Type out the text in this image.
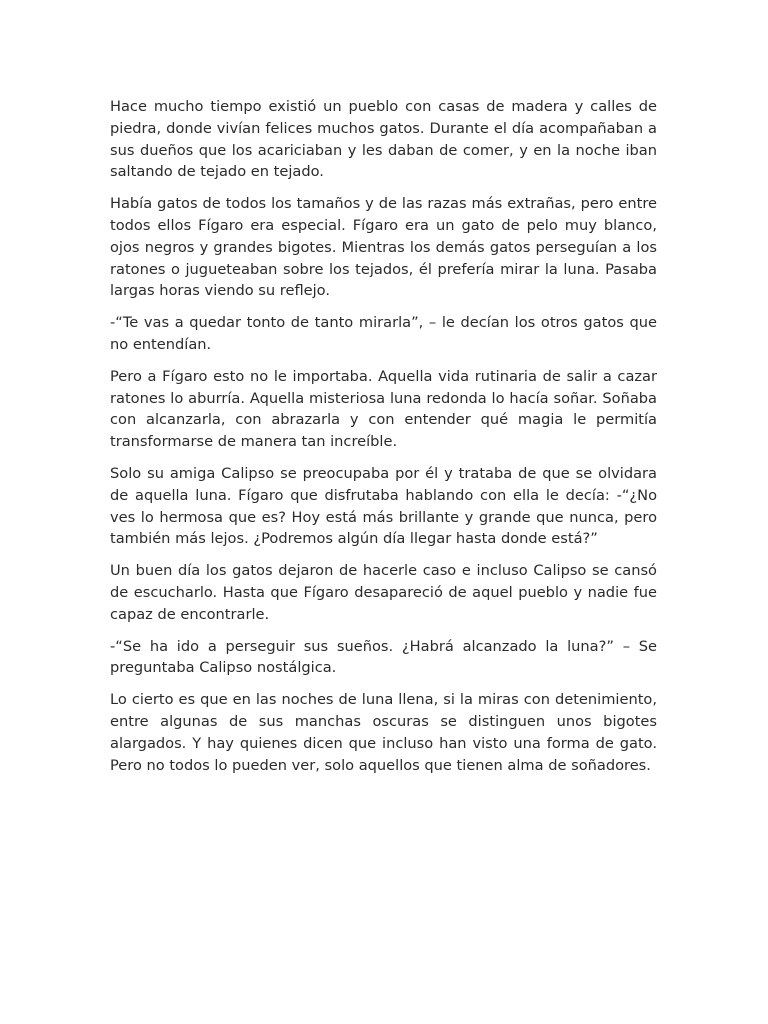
Hace mucho tiempo existió un pueblo con casas de madera y calles de piedra, donde vivían felices muchos gatos. Durante el día acompañaban a sus dueños que los acariciaban y les daban de comer, y en la noche iban saltando de tejado en tejado.

Había gatos de todos los tamaños y de las razas más extrañas, pero entre todos ellos Fígaro era especial. Fígaro era un gato de pelo muy blanco, ojos negros y grandes bigotes. Mientras los demás gatos perseguían a los ratones o jugueteaban sobre los tejados, él prefería mirar la luna. Pasaba largas horas viendo su reflejo.

-“Te vas a quedar tonto de tanto mirarla”, – le decían los otros gatos que no entendían.

Pero a Fígaro esto no le importaba. Aquella vida rutinaria de salir a cazar ratones lo aburría. Aquella misteriosa luna redonda lo hacía soñar. Soñaba con alcanzarla, con abrazarla y con entender qué magia le permitía transformarse de manera tan increíble.

Solo su amiga Calipso se preocupaba por él y trataba de que se olvidara de aquella luna. Fígaro que disfrutaba hablando con ella le decía: -“¿No ves lo hermosa que es? Hoy está más brillante y grande que nunca, pero también más lejos. ¿Podremos algún día llegar hasta donde está?”

Un buen día los gatos dejaron de hacerle caso e incluso Calipso se cansó de escucharlo. Hasta que Fígaro desapareció de aquel pueblo y nadie fue capaz de encontrarle.

-“Se ha ido a perseguir sus sueños. ¿Habrá alcanzado la luna?” – Se preguntaba Calipso nostálgica.

Lo cierto es que en las noches de luna llena, si la miras con detenimiento, entre algunas de sus manchas oscuras se distinguen unos bigotes alargados. Y hay quienes dicen que incluso han visto una forma de gato. Pero no todos lo pueden ver, solo aquellos que tienen alma de soñadores.
